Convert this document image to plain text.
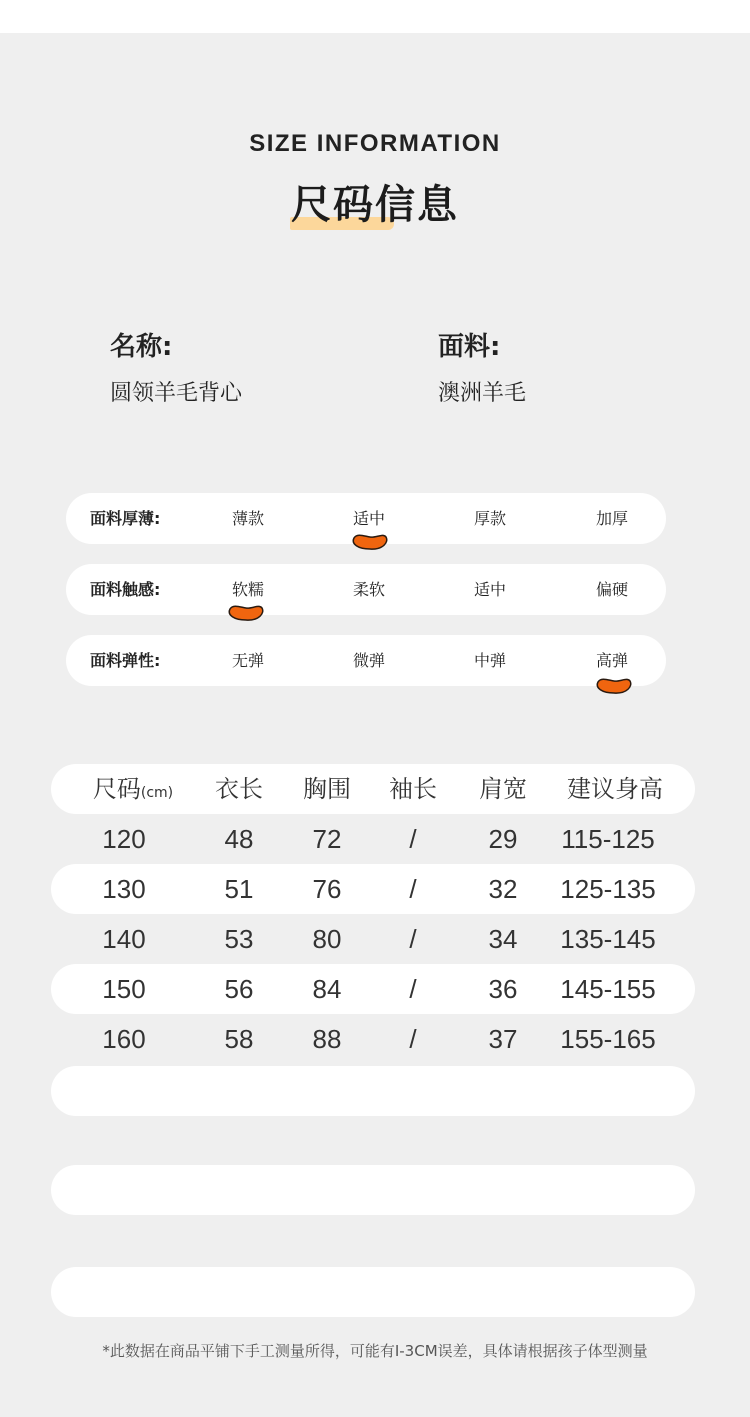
SIZE INFORMATION
尺码信息
名称:
圆领羊毛背心
面料:
澳洲羊毛
面料厚薄:	薄款	适中	厚款	加厚
面料触感:	软糯	柔软	适中	偏硬
面料弹性:	无弹	微弹	中弹	高弹
尺码(cm)	衣长	胸围	袖长	肩宽	建议身高
120	48	72	/	29	115-125
130	51	76	/	32	125-135
140	53	80	/	34	135-145
150	56	84	/	36	145-155
160	58	88	/	37	155-165
*此数据在商品平铺下手工测量所得，可能有I-3CM误差，具体请根据孩子体型测量
